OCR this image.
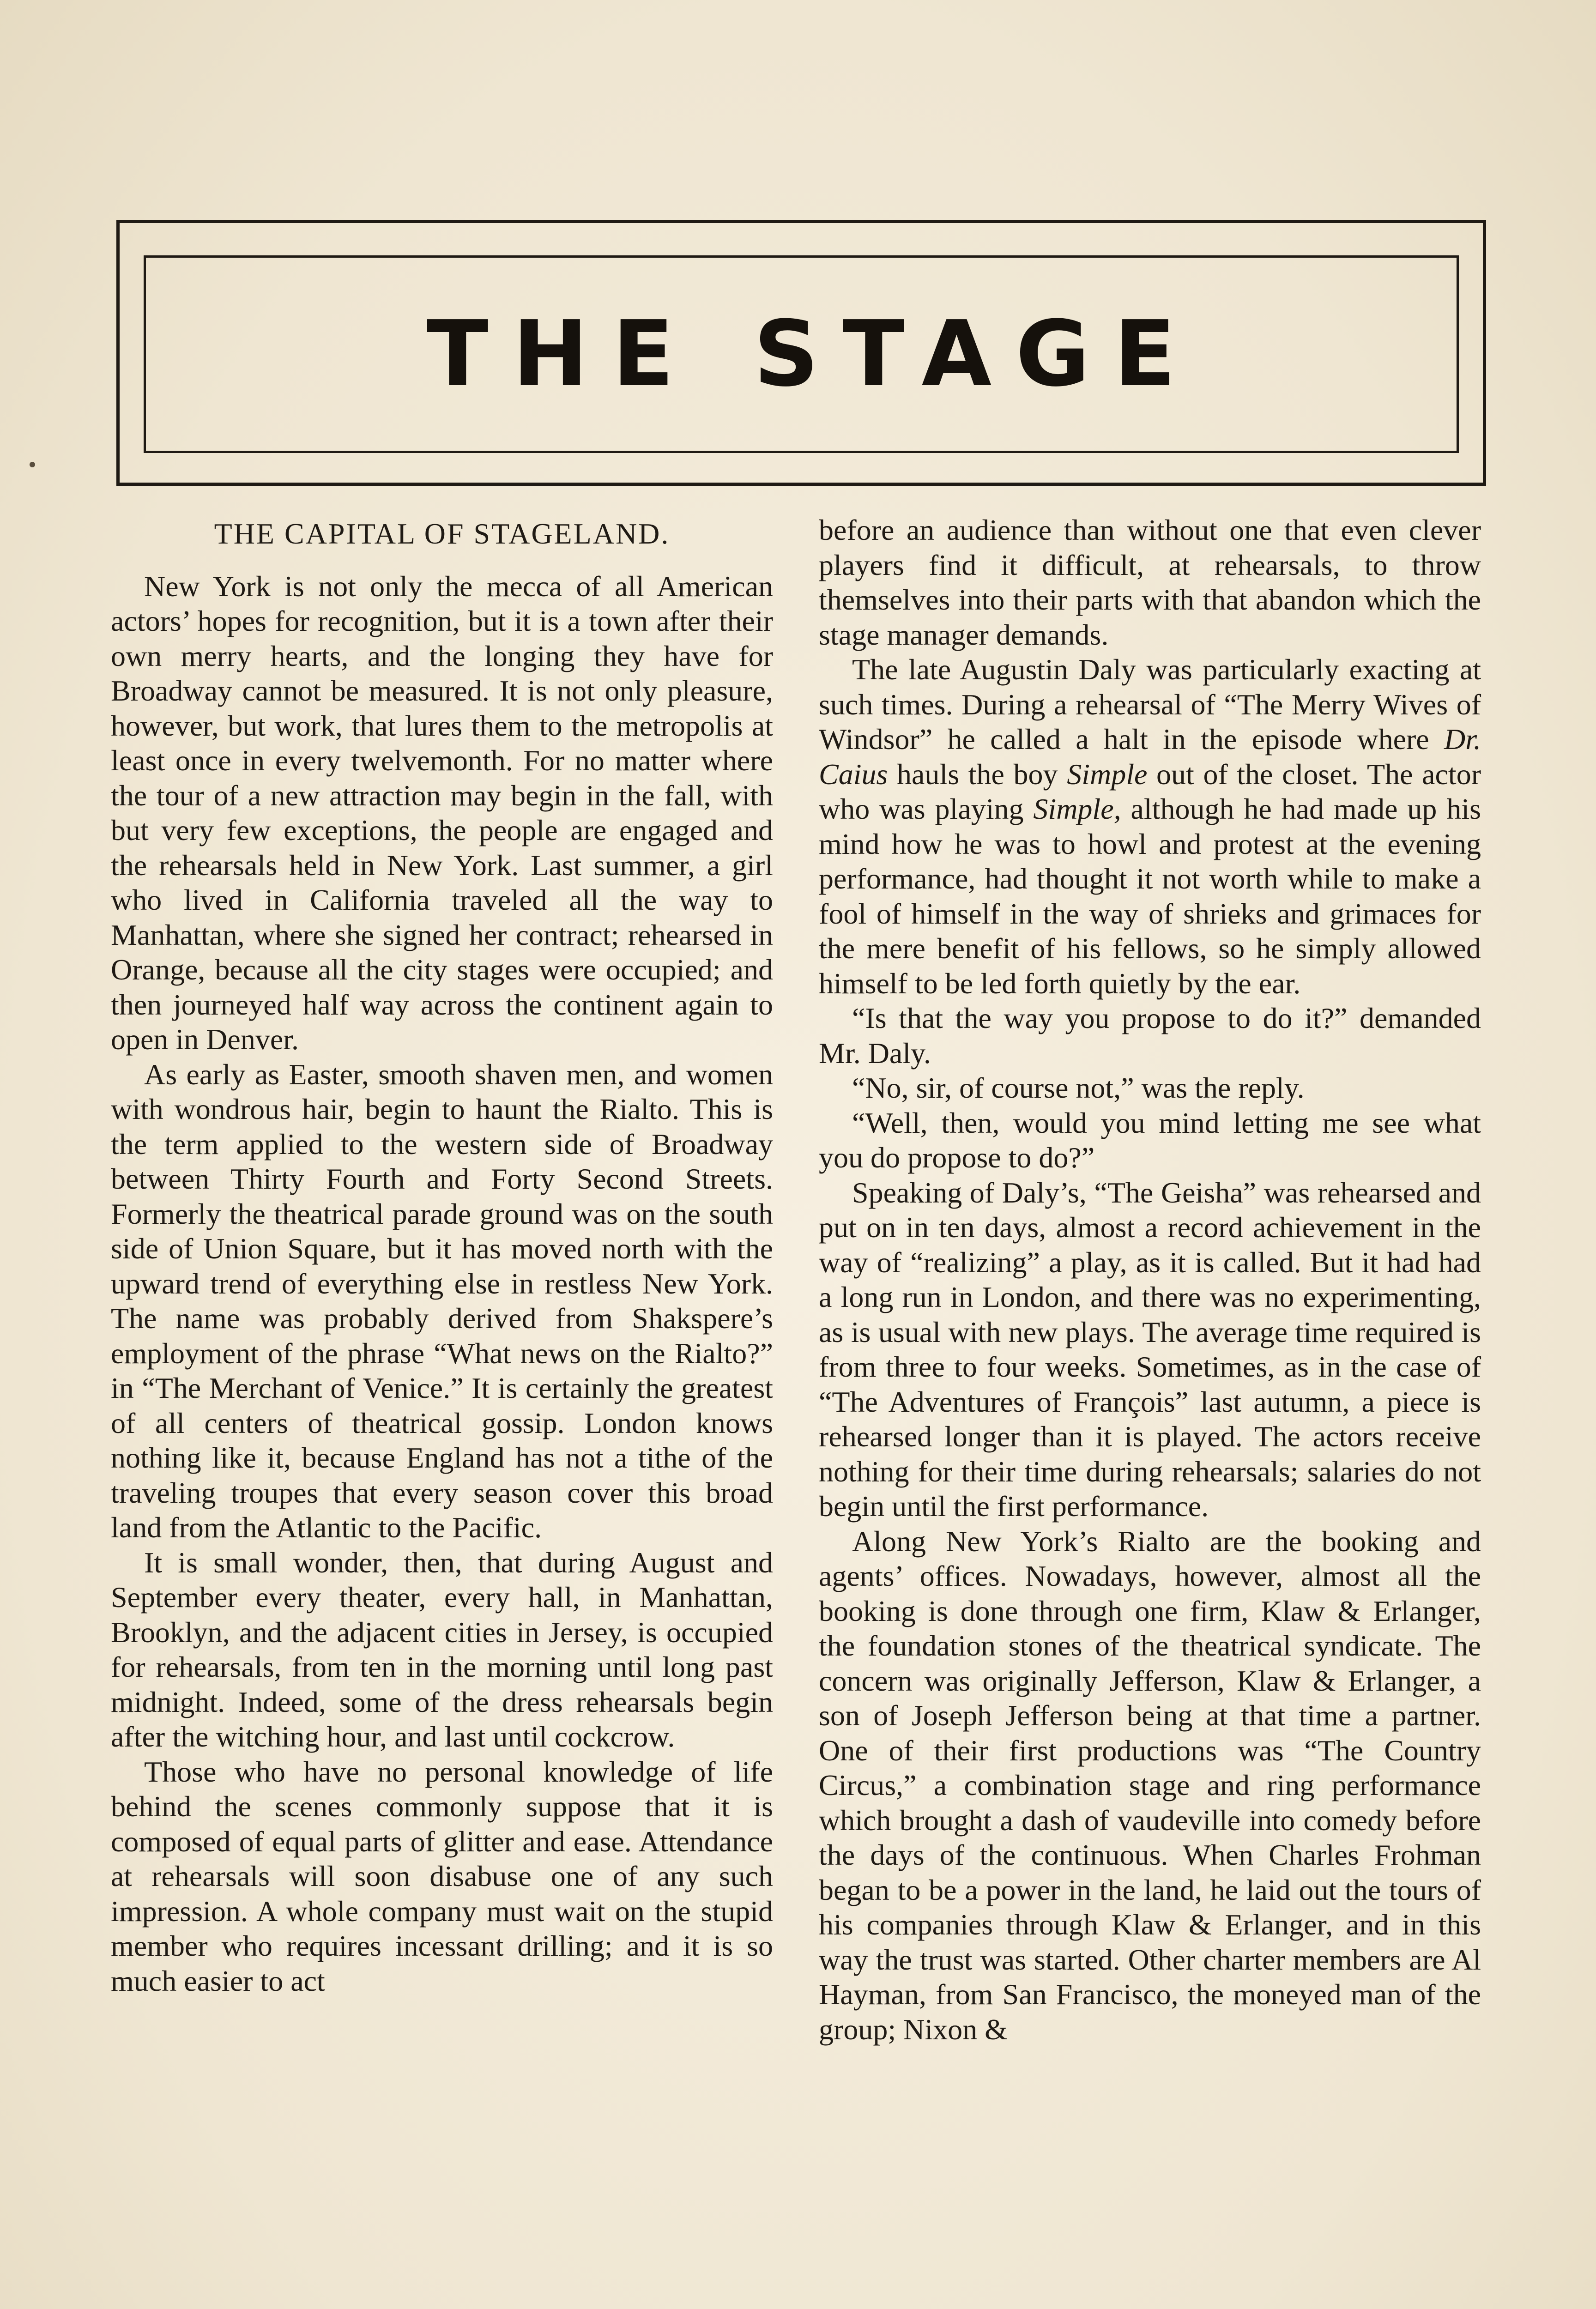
THE STAGE
THE CAPITAL OF STAGELAND.

New York is not only the mecca of all American actors’ hopes for recognition, but it is a town after their own merry hearts, and the longing they have for Broadway cannot be measured. It is not only pleasure, however, but work, that lures them to the metropolis at least once in every twelvemonth. For no matter where the tour of a new attraction may begin in the fall, with but very few exceptions, the people are engaged and the rehearsals held in New York. Last summer, a girl who lived in California traveled all the way to Manhattan, where she signed her contract; rehearsed in Orange, because all the city stages were occupied; and then journeyed half way across the continent again to open in Denver.

As early as Easter, smooth shaven men, and women with wondrous hair, begin to haunt the Rialto. This is the term applied to the western side of Broadway between Thirty Fourth and Forty Second Streets. Formerly the theatrical parade ground was on the south side of Union Square, but it has moved north with the upward trend of everything else in restless New York. The name was probably derived from Shakspere’s employment of the phrase “What news on the Rialto?” in “The Merchant of Venice.” It is certainly the greatest of all centers of theatrical gossip. London knows nothing like it, because England has not a tithe of the traveling troupes that every season cover this broad land from the Atlantic to the Pacific.

It is small wonder, then, that during August and September every theater, every hall, in Manhattan, Brooklyn, and the adjacent cities in Jersey, is occupied for rehearsals, from ten in the morning until long past midnight. Indeed, some of the dress rehearsals begin after the witching hour, and last until cockcrow.

Those who have no personal knowledge of life behind the scenes commonly suppose that it is composed of equal parts of glitter and ease. Attendance at rehearsals will soon disabuse one of any such impression. A whole company must wait on the stupid member who requires incessant drilling; and it is so much easier to act

before an audience than without one that even clever players find it difficult, at rehearsals, to throw themselves into their parts with that abandon which the stage manager demands.

The late Augustin Daly was particularly exacting at such times. During a rehearsal of “The Merry Wives of Windsor” he called a halt in the episode where Dr. Caius hauls the boy Simple out of the closet. The actor who was playing Simple, although he had made up his mind how he was to howl and protest at the evening performance, had thought it not worth while to make a fool of himself in the way of shrieks and grimaces for the mere benefit of his fellows, so he simply allowed himself to be led forth quietly by the ear.

“Is that the way you propose to do it?” demanded Mr. Daly.

“No, sir, of course not,” was the reply.

“Well, then, would you mind letting me see what you do propose to do?”

Speaking of Daly’s, “The Geisha” was rehearsed and put on in ten days, almost a record achievement in the way of “realizing” a play, as it is called. But it had had a long run in London, and there was no experimenting, as is usual with new plays. The average time required is from three to four weeks. Sometimes, as in the case of “The Adventures of François” last autumn, a piece is rehearsed longer than it is played. The actors receive nothing for their time during rehearsals; salaries do not begin until the first performance.

Along New York’s Rialto are the booking and agents’ offices. Nowadays, however, almost all the booking is done through one firm, Klaw & Erlanger, the foundation stones of the theatrical syndicate. The concern was originally Jefferson, Klaw & Erlanger, a son of Joseph Jefferson being at that time a partner. One of their first productions was “The Country Circus,” a combination stage and ring performance which brought a dash of vaudeville into comedy before the days of the continuous. When Charles Frohman began to be a power in the land, he laid out the tours of his companies through Klaw & Erlanger, and in this way the trust was started. Other charter members are Al Hayman, from San Francisco, the moneyed man of the group; Nixon &
